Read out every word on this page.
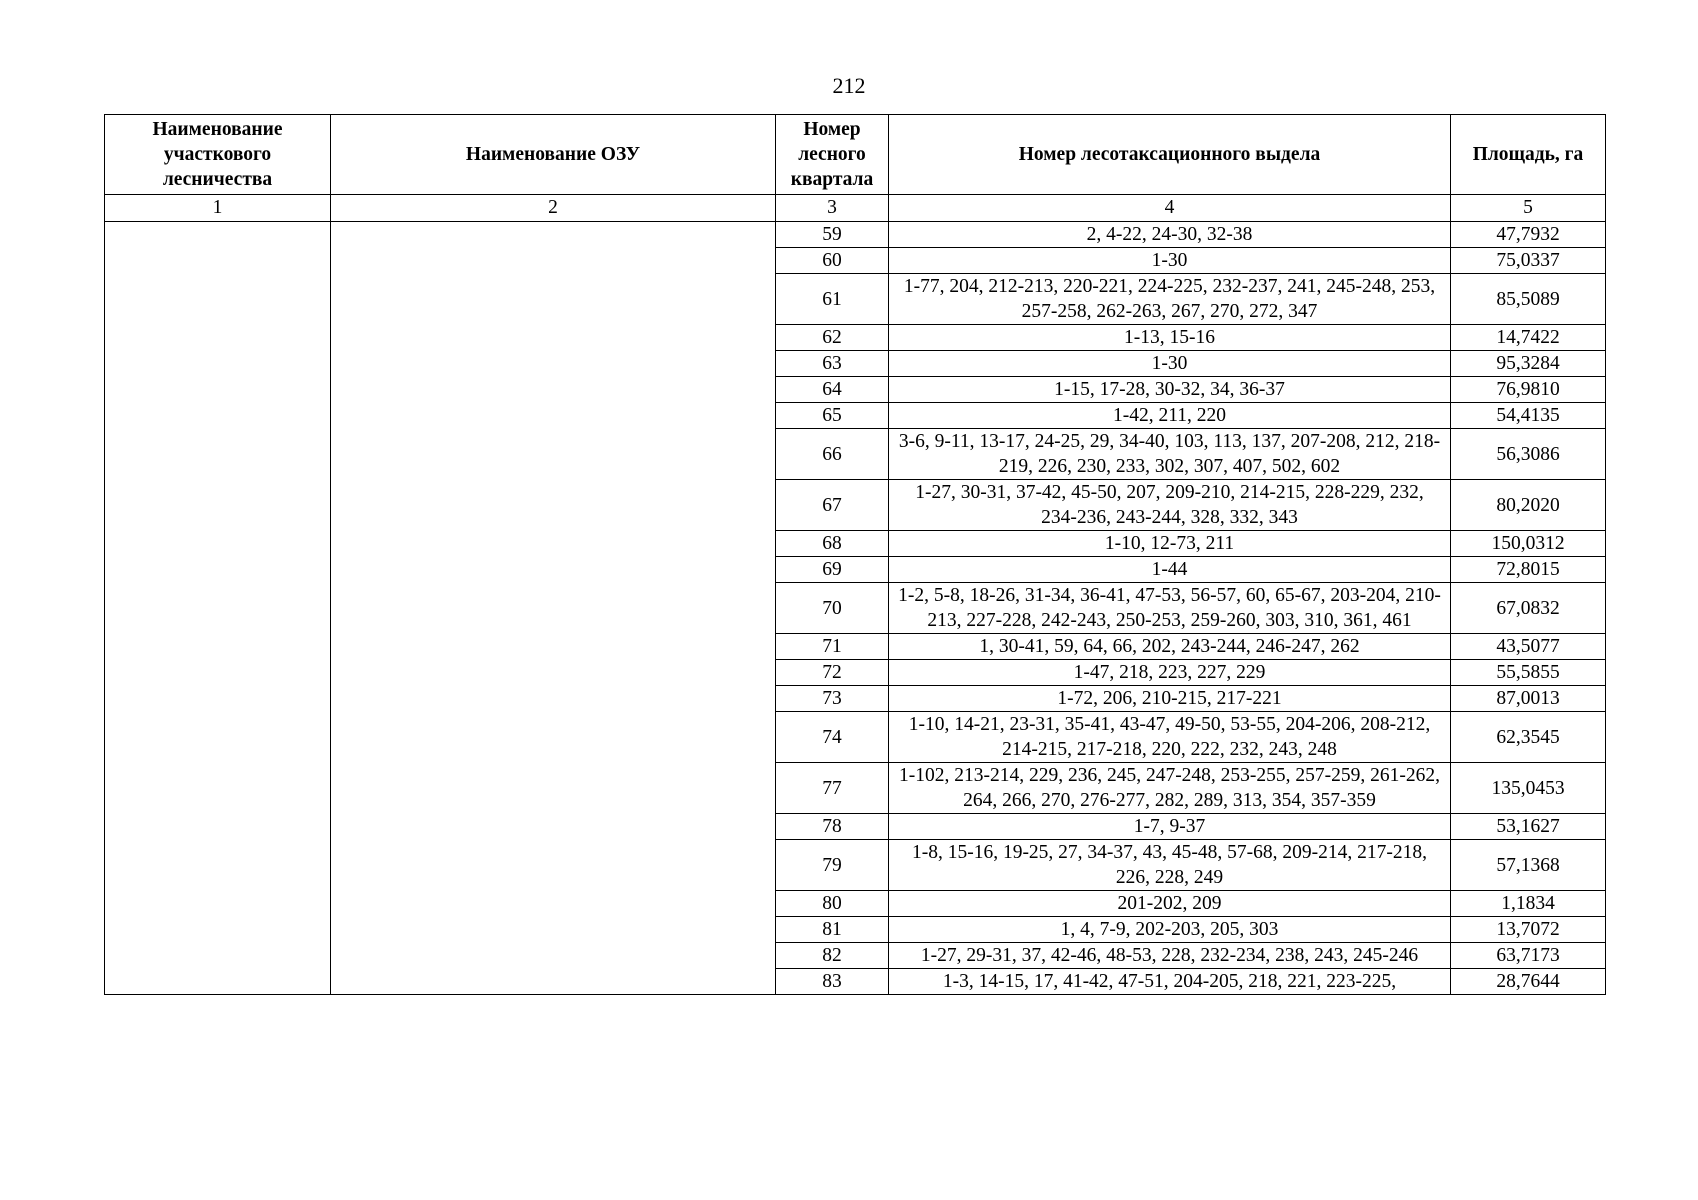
212
Наименование участкового лесничества	Наименование ОЗУ	Номер лесного квартала	Номер лесотаксационного выдела	Площадь, га
1	2	3	4	5
		59	2, 4-22, 24-30, 32-38	47,7932
		60	1-30	75,0337
		61	1-77, 204, 212-213, 220-221, 224-225, 232-237, 241, 245-248, 253, 257-258, 262-263, 267, 270, 272, 347	85,5089
		62	1-13, 15-16	14,7422
		63	1-30	95,3284
		64	1-15, 17-28, 30-32, 34, 36-37	76,9810
		65	1-42, 211, 220	54,4135
		66	3-6, 9-11, 13-17, 24-25, 29, 34-40, 103, 113, 137, 207-208, 212, 218-219, 226, 230, 233, 302, 307, 407, 502, 602	56,3086
		67	1-27, 30-31, 37-42, 45-50, 207, 209-210, 214-215, 228-229, 232, 234-236, 243-244, 328, 332, 343	80,2020
		68	1-10, 12-73, 211	150,0312
		69	1-44	72,8015
		70	1-2, 5-8, 18-26, 31-34, 36-41, 47-53, 56-57, 60, 65-67, 203-204, 210-213, 227-228, 242-243, 250-253, 259-260, 303, 310, 361, 461	67,0832
		71	1, 30-41, 59, 64, 66, 202, 243-244, 246-247, 262	43,5077
		72	1-47, 218, 223, 227, 229	55,5855
		73	1-72, 206, 210-215, 217-221	87,0013
		74	1-10, 14-21, 23-31, 35-41, 43-47, 49-50, 53-55, 204-206, 208-212, 214-215, 217-218, 220, 222, 232, 243, 248	62,3545
		77	1-102, 213-214, 229, 236, 245, 247-248, 253-255, 257-259, 261-262, 264, 266, 270, 276-277, 282, 289, 313, 354, 357-359	135,0453
		78	1-7, 9-37	53,1627
		79	1-8, 15-16, 19-25, 27, 34-37, 43, 45-48, 57-68, 209-214, 217-218, 226, 228, 249	57,1368
		80	201-202, 209	1,1834
		81	1, 4, 7-9, 202-203, 205, 303	13,7072
		82	1-27, 29-31, 37, 42-46, 48-53, 228, 232-234, 238, 243, 245-246	63,7173
		83	1-3, 14-15, 17, 41-42, 47-51, 204-205, 218, 221, 223-225,	28,7644
